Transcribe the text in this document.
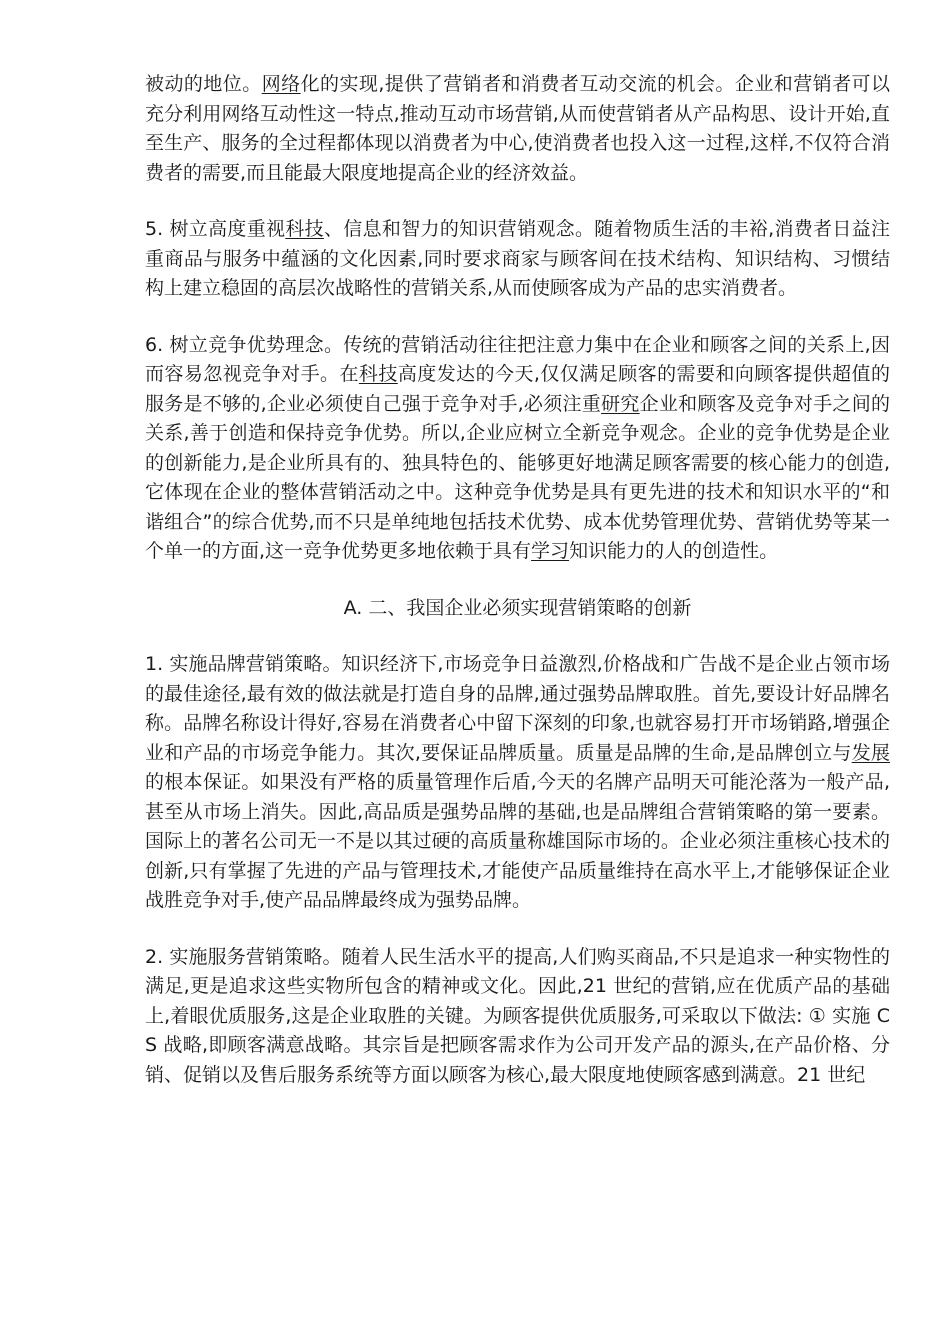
被动的地位。网络化的实现,提供了营销者和消费者互动交流的机会。企业和营销者可以充分利用网络互动性这一特点,推动互动市场营销,从而使营销者从产品构思、设计开始,直至生产、服务的全过程都体现以消费者为中心,使消费者也投入这一过程,这样,不仅符合消费者的需要,而且能最大限度地提高企业的经济效益。

5. 树立高度重视科技、信息和智力的知识营销观念。随着物质生活的丰裕,消费者日益注重商品与服务中蕴涵的文化因素,同时要求商家与顾客间在技术结构、知识结构、习惯结构上建立稳固的高层次战略性的营销关系,从而使顾客成为产品的忠实消费者。

6. 树立竞争优势理念。传统的营销活动往往把注意力集中在企业和顾客之间的关系上,因而容易忽视竞争对手。在科技高度发达的今天,仅仅满足顾客的需要和向顾客提供超值的服务是不够的,企业必须使自己强于竞争对手,必须注重研究企业和顾客及竞争对手之间的关系,善于创造和保持竞争优势。所以,企业应树立全新竞争观念。企业的竞争优势是企业的创新能力,是企业所具有的、独具特色的、能够更好地满足顾客需要的核心能力的创造,它体现在企业的整体营销活动之中。这种竞争优势是具有更先进的技术和知识水平的“和谐组合”的综合优势,而不只是单纯地包括技术优势、成本优势管理优势、营销优势等某一个单一的方面,这一竞争优势更多地依赖于具有学习知识能力的人的创造性。

A. 二、我国企业必须实现营销策略的创新

1. 实施品牌营销策略。知识经济下,市场竞争日益激烈,价格战和广告战不是企业占领市场的最佳途径,最有效的做法就是打造自身的品牌,通过强势品牌取胜。首先,要设计好品牌名称。品牌名称设计得好,容易在消费者心中留下深刻的印象,也就容易打开市场销路,增强企业和产品的市场竞争能力。其次,要保证品牌质量。质量是品牌的生命,是品牌创立与发展的根本保证。如果没有严格的质量管理作后盾,今天的名牌产品明天可能沦落为一般产品,甚至从市场上消失。因此,高品质是强势品牌的基础,也是品牌组合营销策略的第一要素。国际上的著名公司无一不是以其过硬的高质量称雄国际市场的。企业必须注重核心技术的创新,只有掌握了先进的产品与管理技术,才能使产品质量维持在高水平上,才能够保证企业战胜竞争对手,使产品品牌最终成为强势品牌。

2. 实施服务营销策略。随着人民生活水平的提高,人们购买商品,不只是追求一种实物性的满足,更是追求这些实物所包含的精神或文化。因此,21 世纪的营销,应在优质产品的基础上,着眼优质服务,这是企业取胜的关键。为顾客提供优质服务,可采取以下做法: ① 实施 CS 战略,即顾客满意战略。其宗旨是把顾客需求作为公司开发产品的源头,在产品价格、分销、促销以及售后服务系统等方面以顾客为核心,最大限度地使顾客感到满意。21 世纪
